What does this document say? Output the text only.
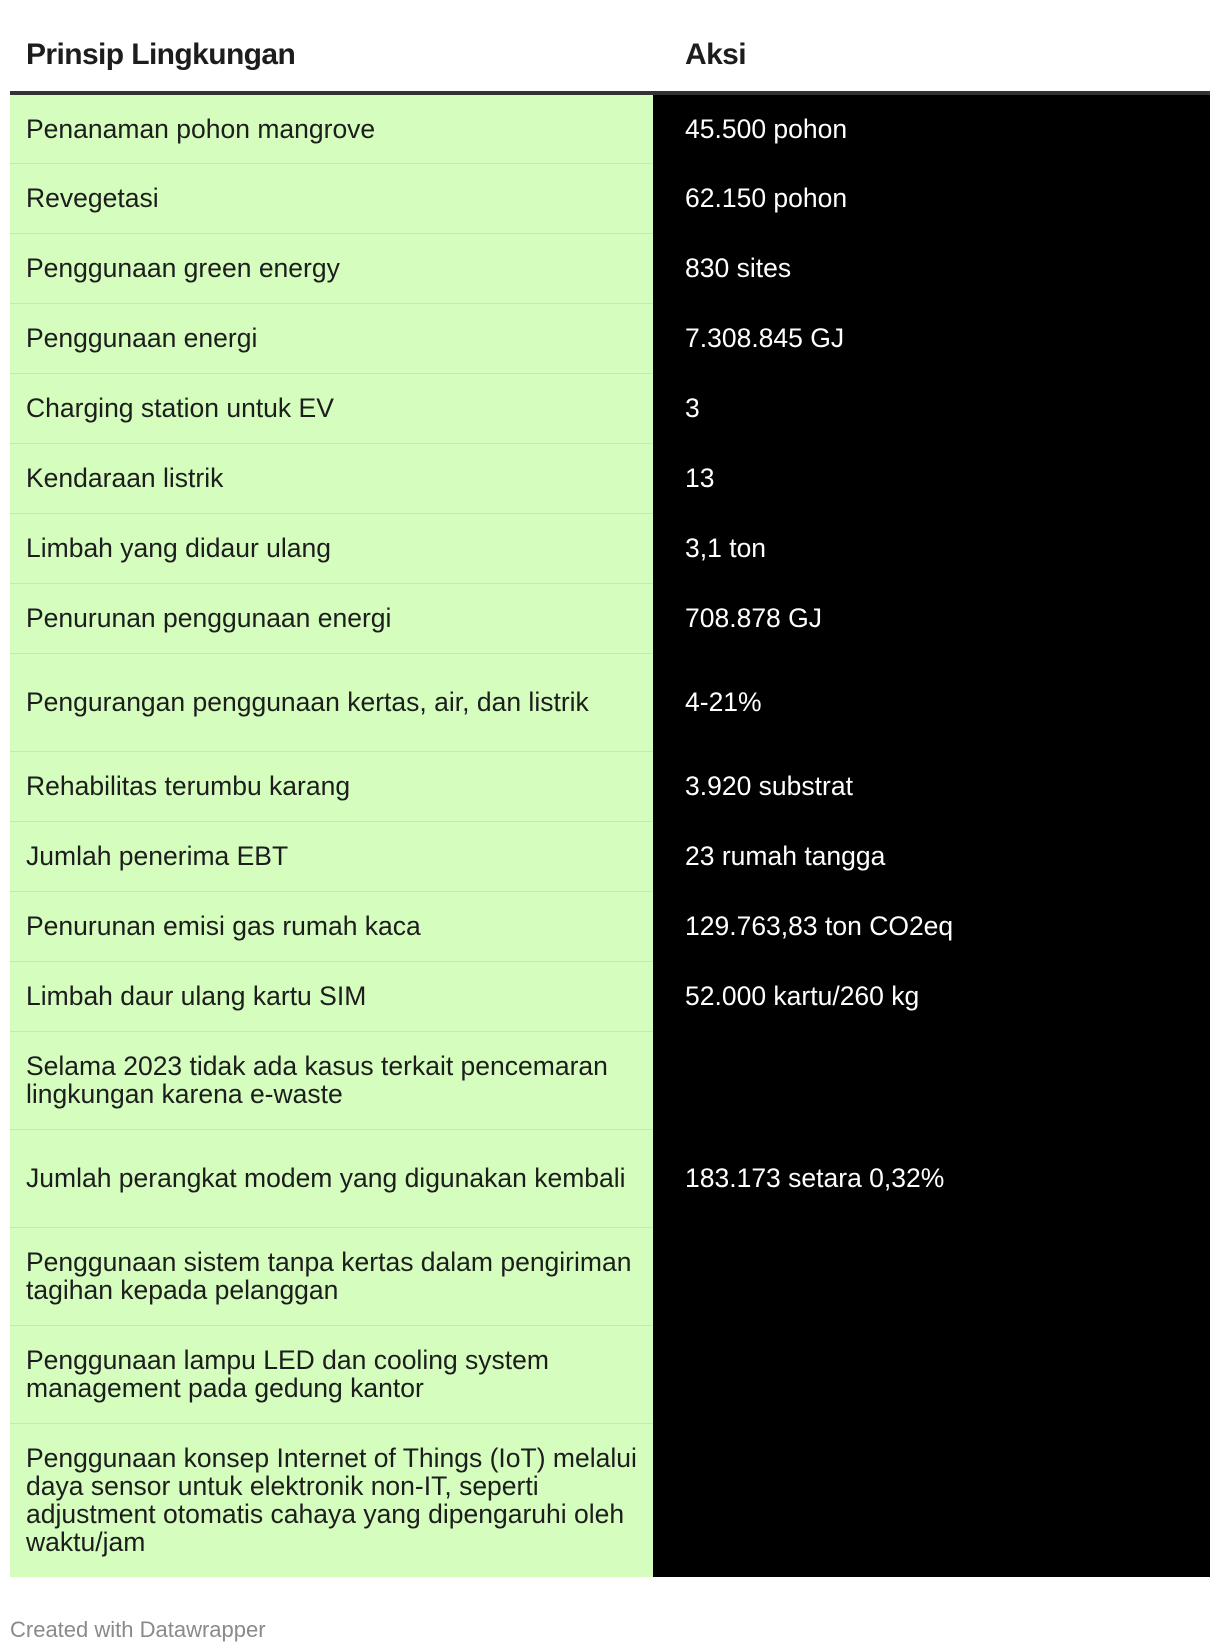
Prinsip Lingkungan	Aksi
Penanaman pohon mangrove	45.500 pohon
Revegetasi	62.150 pohon
Penggunaan green energy	830 sites
Penggunaan energi	7.308.845 GJ
Charging station untuk EV	3
Kendaraan listrik	13
Limbah yang didaur ulang	3,1 ton
Penurunan penggunaan energi	708.878 GJ
Pengurangan penggunaan kertas, air, dan listrik	4-21%
Rehabilitas terumbu karang	3.920 substrat
Jumlah penerima EBT	23 rumah tangga
Penurunan emisi gas rumah kaca	129.763,83 ton CO2eq
Limbah daur ulang kartu SIM	52.000 kartu/260 kg
Selama 2023 tidak ada kasus terkait pencemaran lingkungan karena e-waste	
Jumlah perangkat modem yang digunakan kembali	183.173 setara 0,32%
Penggunaan sistem tanpa kertas dalam pengiriman tagihan kepada pelanggan	
Penggunaan lampu LED dan cooling system management pada gedung kantor	
Penggunaan konsep Internet of Things (IoT) melalui daya sensor untuk elektronik non-IT, seperti adjustment otomatis cahaya yang dipengaruhi oleh waktu/jam	
Created with Datawrapper
